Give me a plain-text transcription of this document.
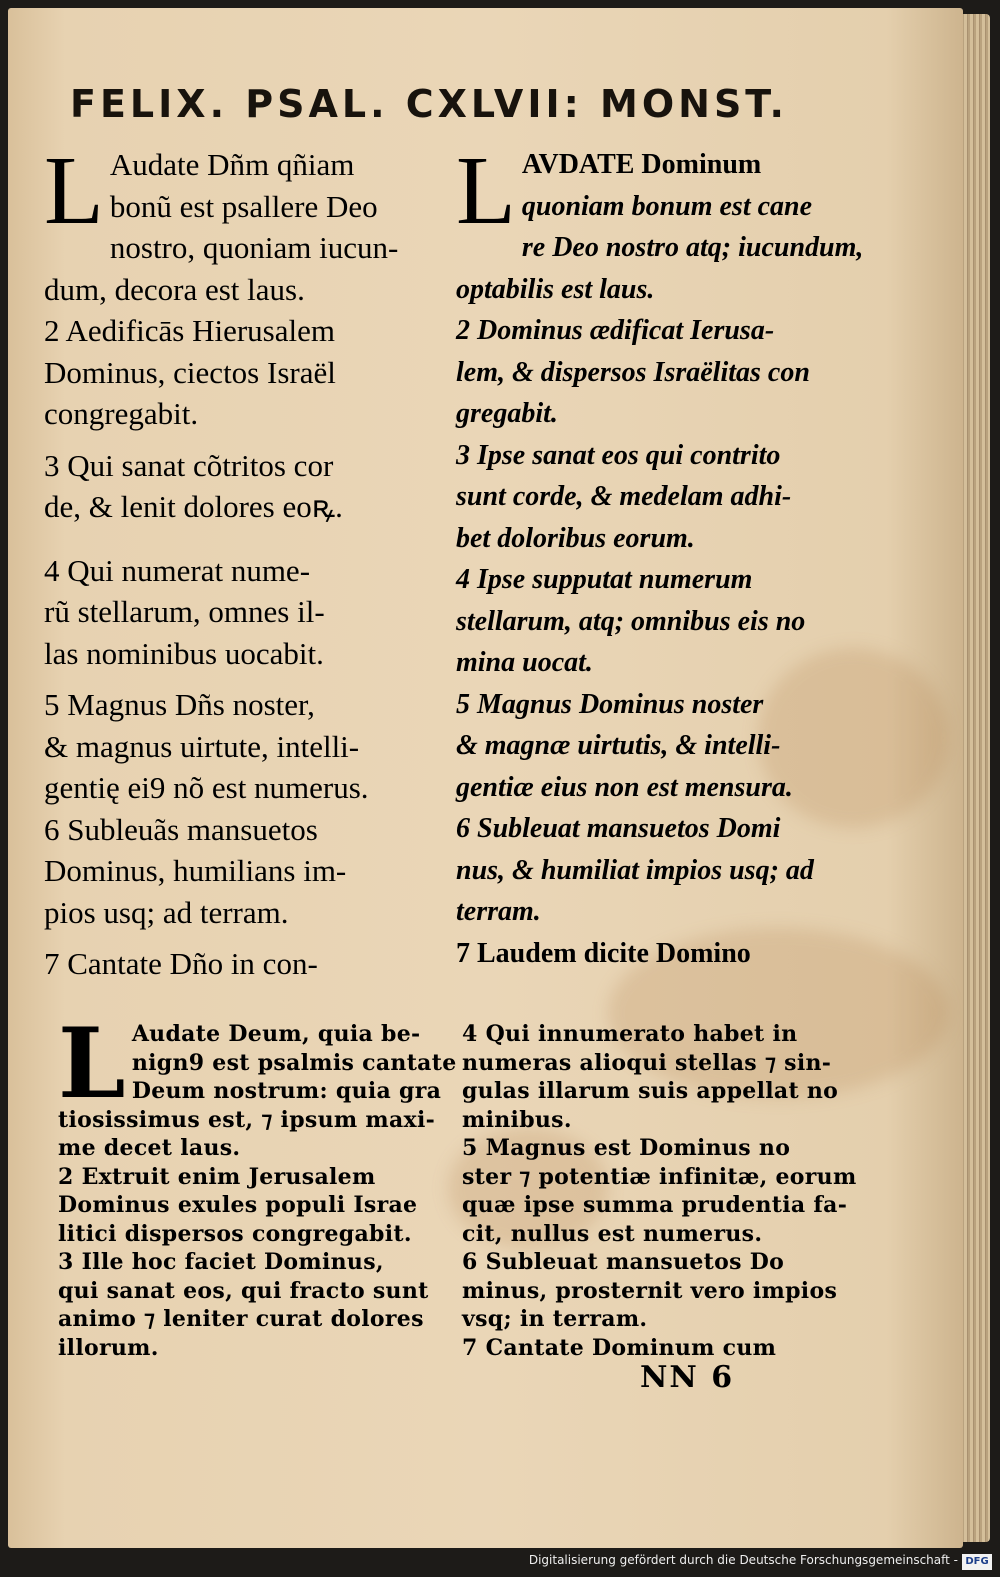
FELIX. PSAL. CXLVII: MONST.
L Audate Dñm qñiam
bonũ est psallere Deo
nostro, quoniam iucun-
dum, decora est laus.
2 Aedificās Hierusalem
Dominus, ciectos Israël
congregabit.
3 Qui sanat cõtritos cor
de, & lenit dolores eoꝶ.
4 Qui numerat nume-
rũ stellarum, omnes il-
las nominibus uocabit.
5 Magnus Dñs noster,
& magnus uirtute, intelli-
gentię ei9 nõ est numerus.
6 Subleuãs mansuetos
Dominus, humilians im-
pios usq; ad terram.
7 Cantate Dño in con-
L AVDATE Dominum
quoniam bonum est cane
re Deo nostro atq; iucundum,
optabilis est laus.
2 Dominus ædificat Ierusa-
lem, & dispersos Israëlitas con
gregabit.
3 Ipse sanat eos qui contrito
sunt corde, & medelam adhi-
bet doloribus eorum.
4 Ipse supputat numerum
stellarum, atq; omnibus eis no
mina uocat.
5 Magnus Dominus noster
& magnæ uirtutis, & intelli-
gentiæ eius non est mensura.
6 Subleuat mansuetos Domi
nus, & humiliat impios usq; ad
terram.
7 Laudem dicite Domino
L Audate Deum, quia be-
nign9 est psalmis cantate
Deum nostrum: quia gra
tiosissimus est, ⁊ ipsum maxi-
me decet laus.
2 Extruit enim Jerusalem
Dominus exules populi Israe
litici dispersos congregabit.
3 Ille hoc faciet Dominus,
qui sanat eos, qui fracto sunt
animo ⁊ leniter curat dolores
illorum.
4 Qui innumerato habet in
numeras alioqui stellas ⁊ sin-
gulas illarum suis appellat no
minibus.
5 Magnus est Dominus no
ster ⁊ potentiæ infinitæ, eorum
quæ ipse summa prudentia fa-
cit, nullus est numerus.
6 Subleuat mansuetos Do
minus, prosternit vero impios
vsq; in terram.
7 Cantate Dominum cum
NN 6
Digitalisierung gefördert durch die Deutsche Forschungsgemeinschaft - DFG
